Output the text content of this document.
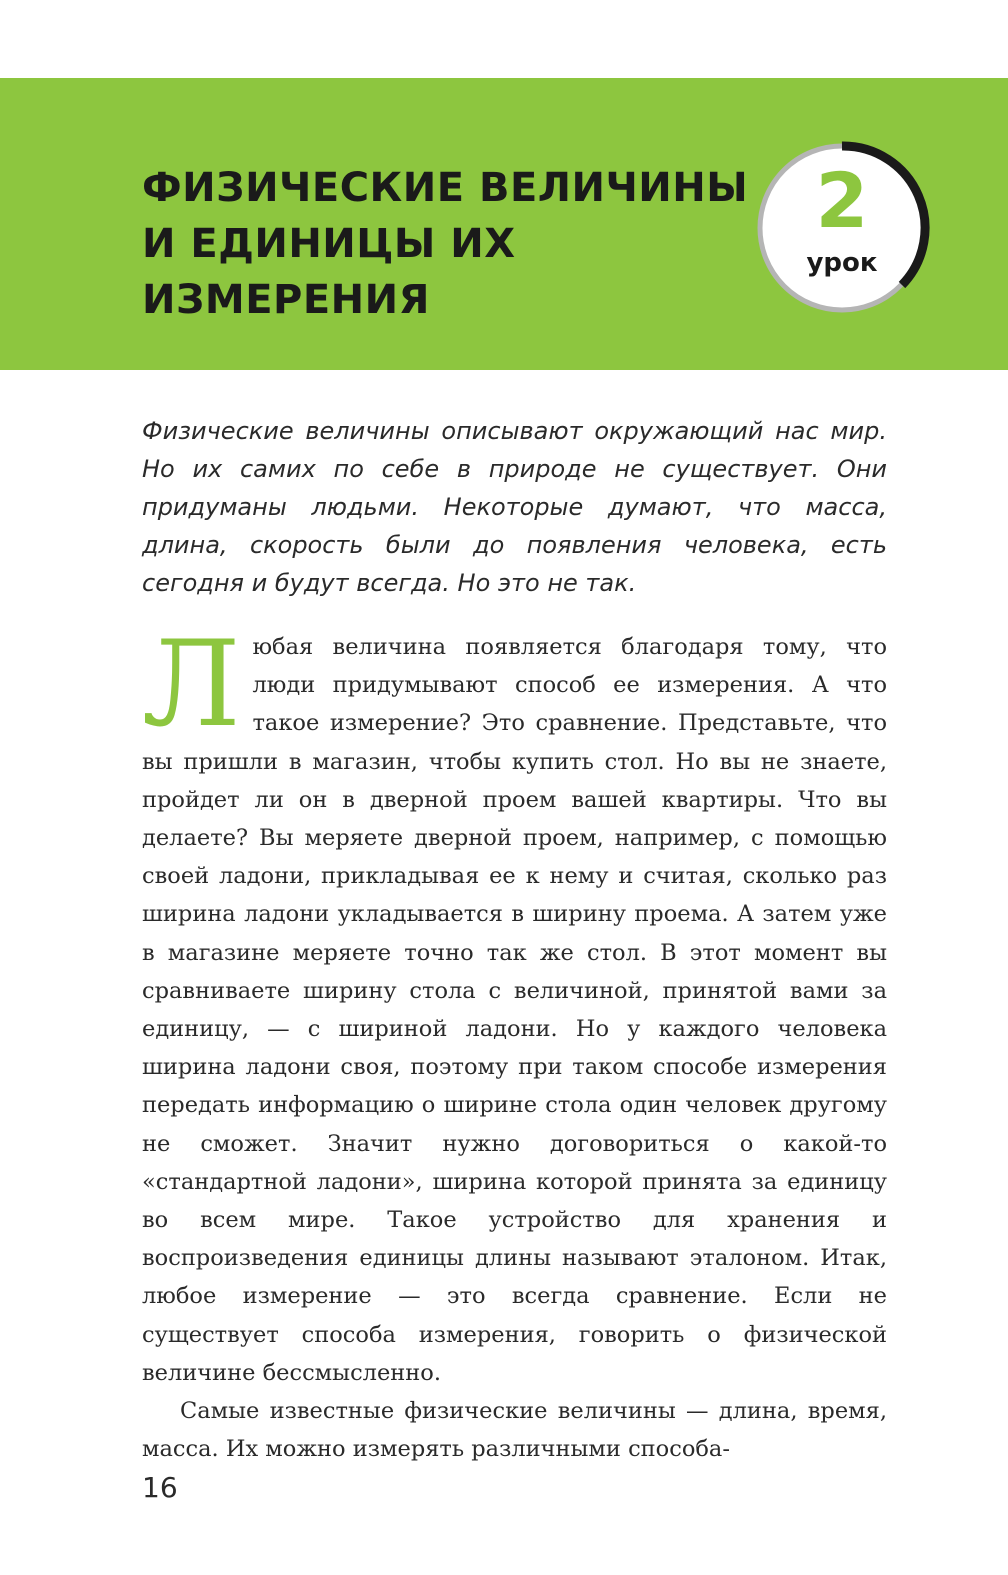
ФИЗИЧЕСКИЕ ВЕЛИЧИНЫ
И ЕДИНИЦЫ ИХ
ИЗМЕРЕНИЯ
2
урок

Физические величины описывают окружающий нас мир. Но их самих по себе в природе не существует. Они придуманы людьми. Некоторые думают, что масса, длина, скорость были до появления человека, есть сегодня и будут всегда. Но это не так.

Любая величина появляется благодаря тому, что люди придумывают способ ее измерения. А что такое измерение? Это сравнение. Представьте, что вы пришли в магазин, чтобы купить стол. Но вы не знаете, пройдет ли он в дверной проем вашей квартиры. Что вы делаете? Вы меряете дверной проем, например, с помощью своей ладони, прикладывая ее к нему и считая, сколько раз ширина ладони укладывается в ширину проема. А затем уже в магазине меряете точно так же стол. В этот момент вы сравниваете ширину стола с величиной, принятой вами за единицу, — с шириной ладони. Но у каждого человека ширина ладони своя, поэтому при таком способе измерения передать информацию о ширине стола один человек другому не сможет. Значит нужно договориться о какой-то «стандартной ладони», ширина которой принята за единицу во всем мире. Такое устройство для хранения и воспроизведения единицы длины называют эталоном. Итак, любое измерение — это всегда сравнение. Если не существует способа измерения, говорить о физической величине бессмысленно.

Самые известные физические величины — длина, время, масса. Их можно измерять различными способа-

16
